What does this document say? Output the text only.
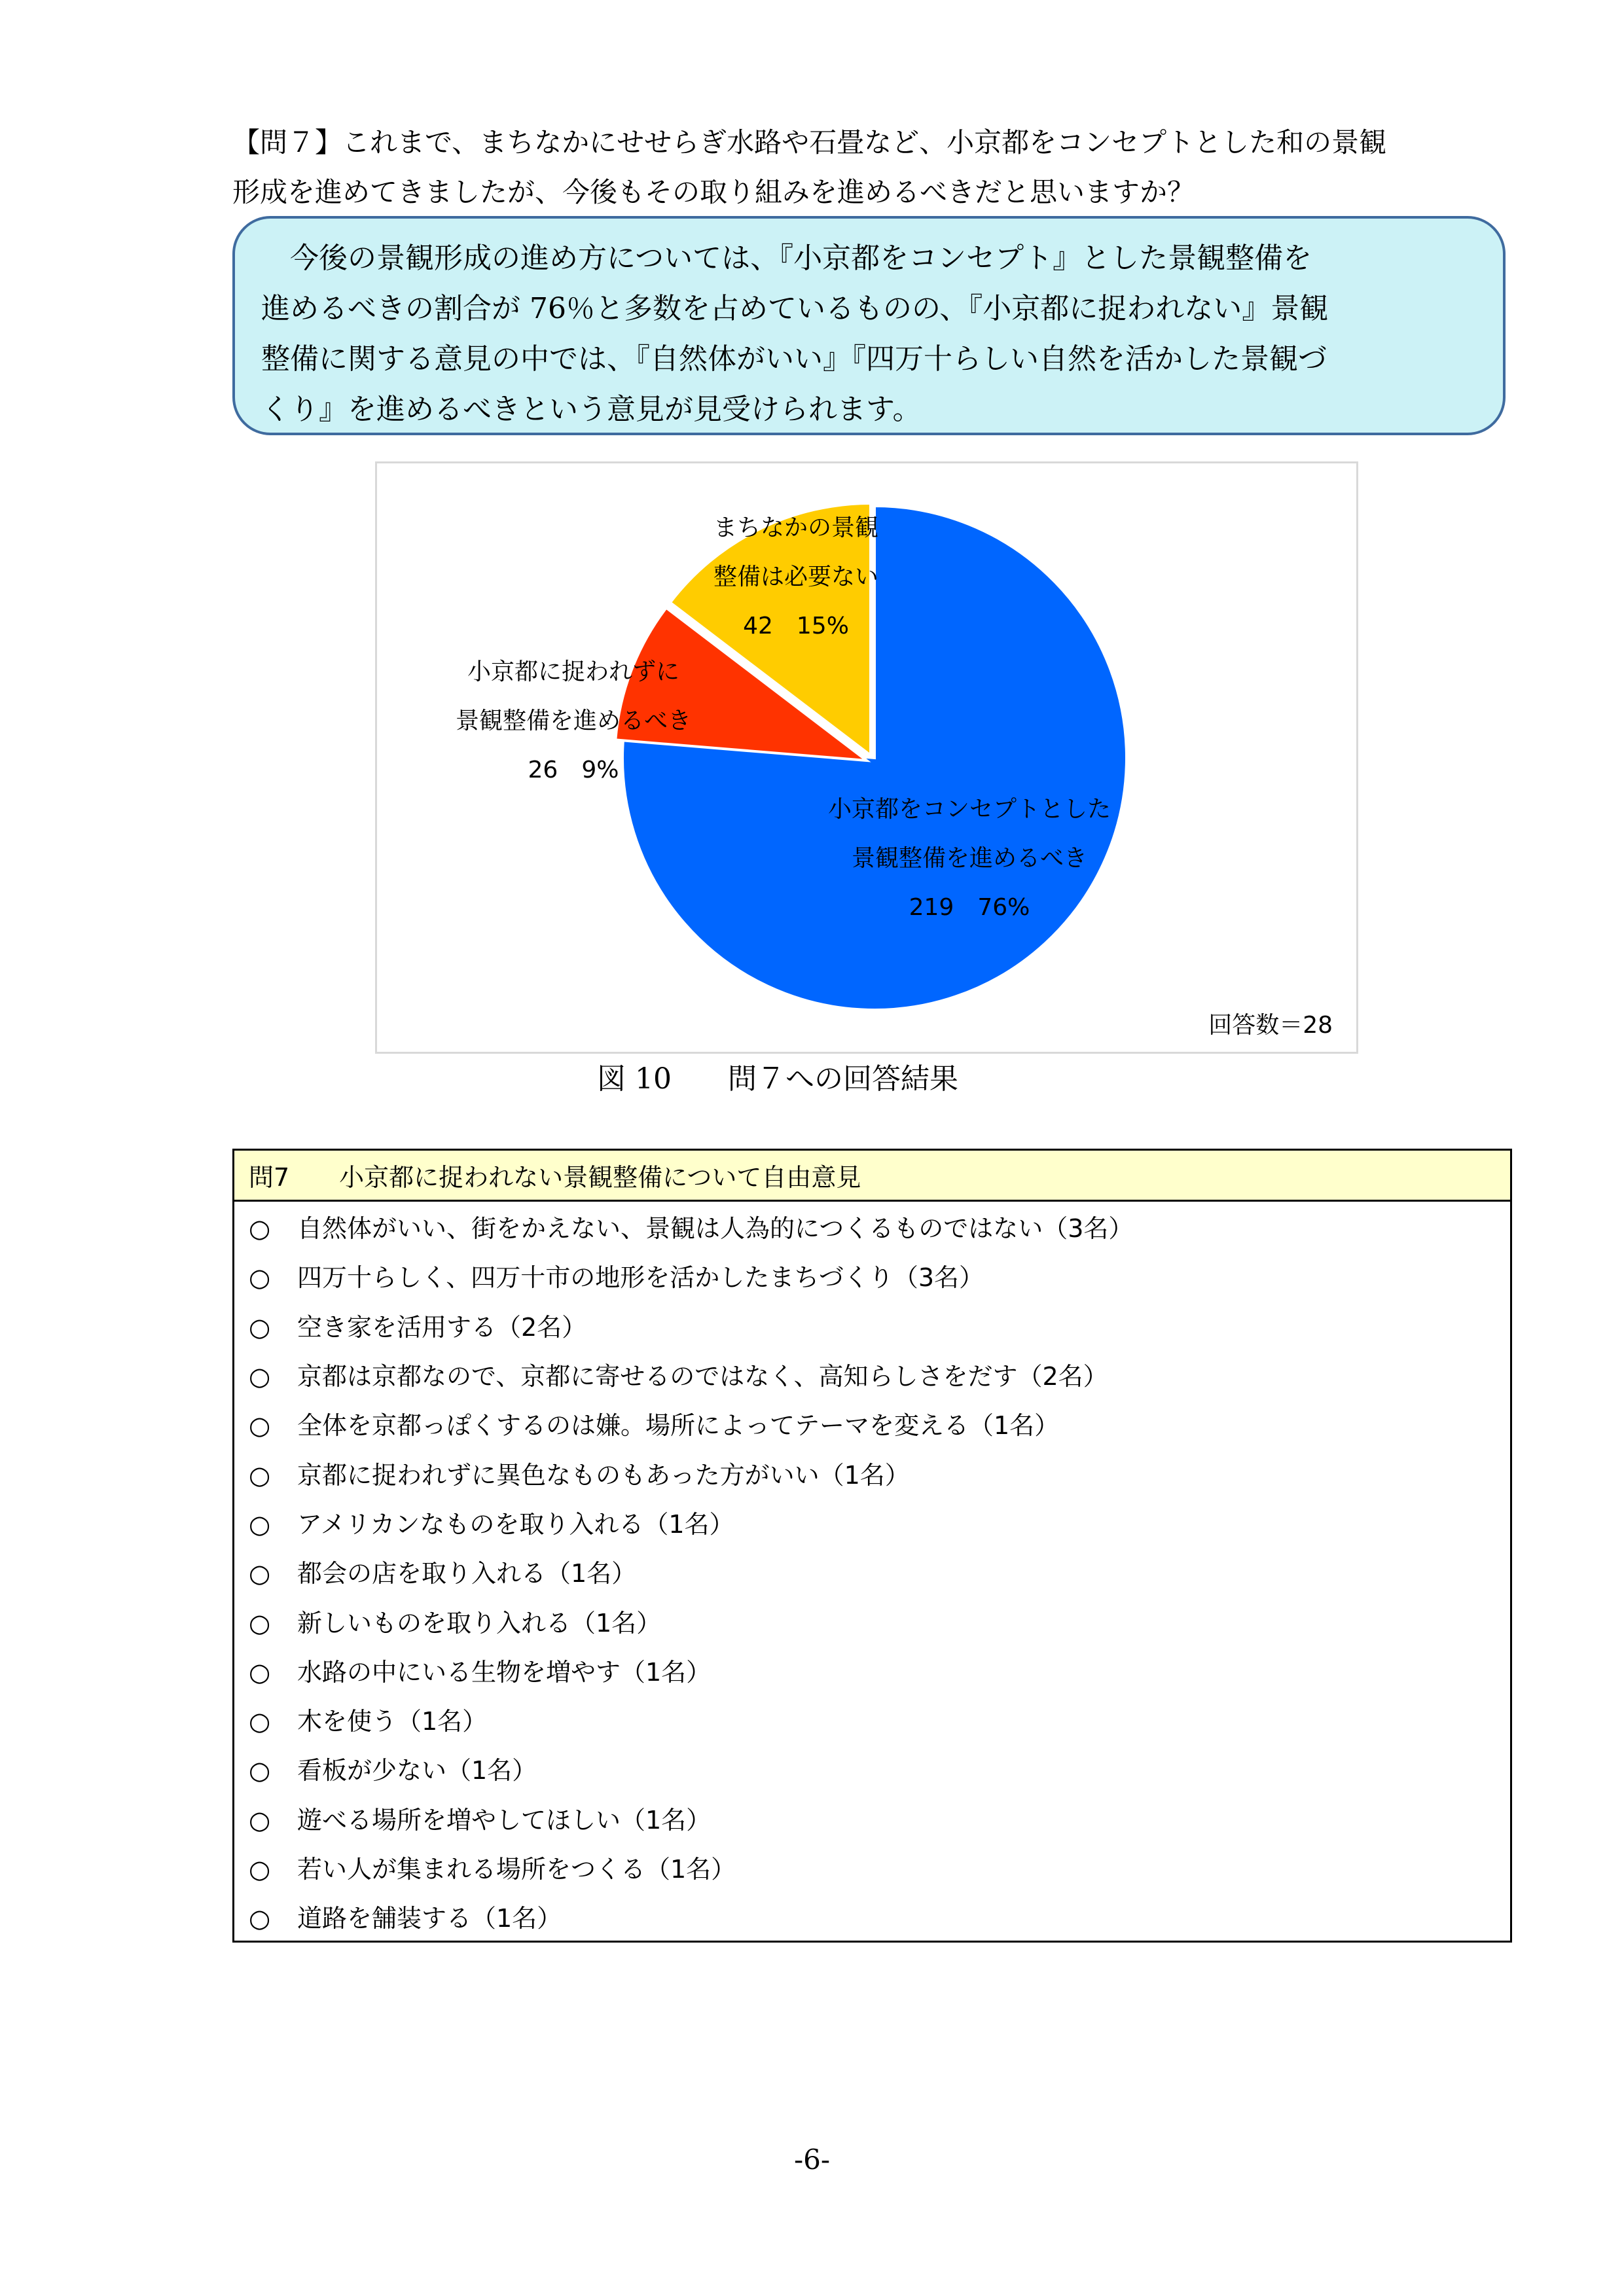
【問７】これまで、まちなかにせせらぎ水路や石畳など、小京都をコンセプトとした和の景観
形成を進めてきましたが、今後もその取り組みを進めるべきだと思いますか？
今後の景観形成の進め方については、『小京都をコンセプト』とした景観整備を
進めるべきの割合が 76％と多数を占めているものの、『小京都に捉われない』景観
整備に関する意見の中では、『自然体がいい』『四万十らしい自然を活かした景観づ
くり』を進めるべきという意見が見受けられます。
小京都をコンセプトとした
景観整備を進めるべき
219　76%
小京都に捉われずに
景観整備を進めるべき
26　9%
まちなかの景観
整備は必要ない
42　15%
回答数＝28
図 10 問７への回答結果
問7　　小京都に捉われない景観整備について自由意見
○ 自然体がいい、街をかえない、景観は人為的につくるものではない（3名）
○ 四万十らしく、四万十市の地形を活かしたまちづくり（3名）
○ 空き家を活用する（2名）
○ 京都は京都なので、京都に寄せるのではなく、高知らしさをだす（2名）
○ 全体を京都っぽくするのは嫌。場所によってテーマを変える（1名）
○ 京都に捉われずに異色なものもあった方がいい（1名）
○ アメリカンなものを取り入れる（1名）
○ 都会の店を取り入れる（1名）
○ 新しいものを取り入れる（1名）
○ 水路の中にいる生物を増やす（1名）
○ 木を使う（1名）
○ 看板が少ない（1名）
○ 遊べる場所を増やしてほしい（1名）
○ 若い人が集まれる場所をつくる（1名）
○ 道路を舗装する（1名）
-6-
